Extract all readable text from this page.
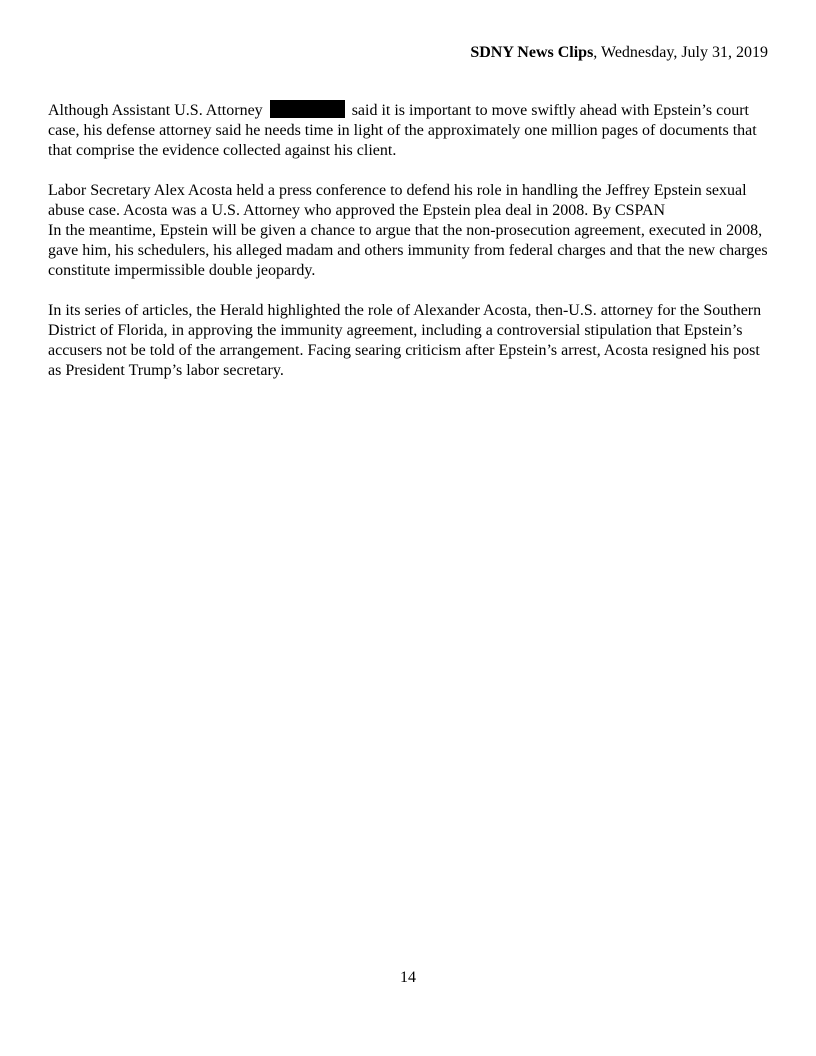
SDNY News Clips, Wednesday, July 31, 2019

Although Assistant U.S. Attorney	said it is important to move swiftly ahead with Epstein’s court case, his defense attorney said he needs time in light of the approximately one million pages of documents that that comprise the evidence collected against his client.

Labor Secretary Alex Acosta held a press conference to defend his role in handling the Jeffrey Epstein sexual abuse case. Acosta was a U.S. Attorney who approved the Epstein plea deal in 2008. By CSPAN

In the meantime, Epstein will be given a chance to argue that the non-prosecution agreement, executed in 2008, gave him, his schedulers, his alleged madam and others immunity from federal charges and that the new charges constitute impermissible double jeopardy.

In its series of articles, the Herald highlighted the role of Alexander Acosta, then-U.S. attorney for the Southern District of Florida, in approving the immunity agreement, including a controversial stipulation that Epstein’s accusers not be told of the arrangement. Facing searing criticism after Epstein’s arrest, Acosta resigned his post as President Trump’s labor secretary.

14
